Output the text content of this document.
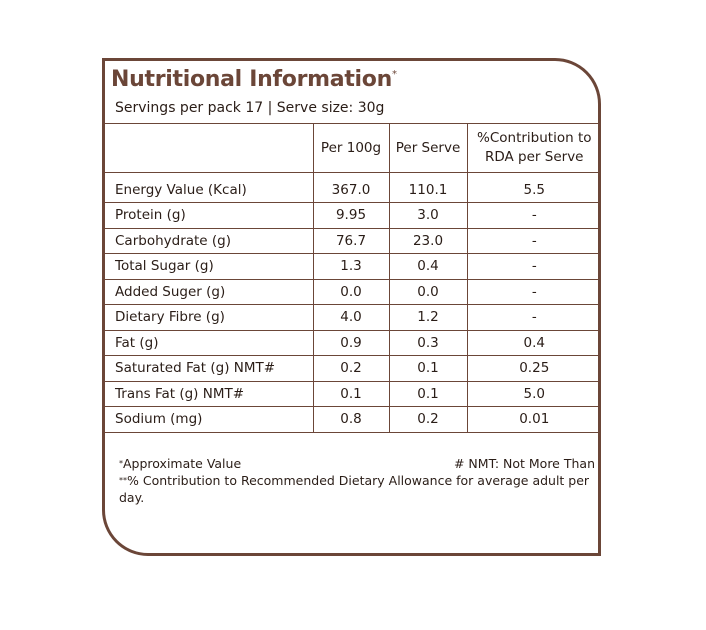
Nutritional Information*
Servings per pack 17 | Serve size: 30g
	Per 100g	Per Serve	%Contribution to RDA per Serve
Energy Value (Kcal)	367.0	110.1	5.5
Protein (g)	9.95	3.0	-
Carbohydrate (g)	76.7	23.0	-
Total Sugar (g)	1.3	0.4	-
Added Suger (g)	0.0	0.0	-
Dietary Fibre (g)	4.0	1.2	-
Fat (g)	0.9	0.3	0.4
Saturated Fat (g) NMT#	0.2	0.1	0.25
Trans Fat (g) NMT#	0.1	0.1	5.0
Sodium (mg)	0.8	0.2	0.01
*Approximate Value	# NMT: Not More Than
**% Contribution to Recommended Dietary Allowance for average adult per day.
